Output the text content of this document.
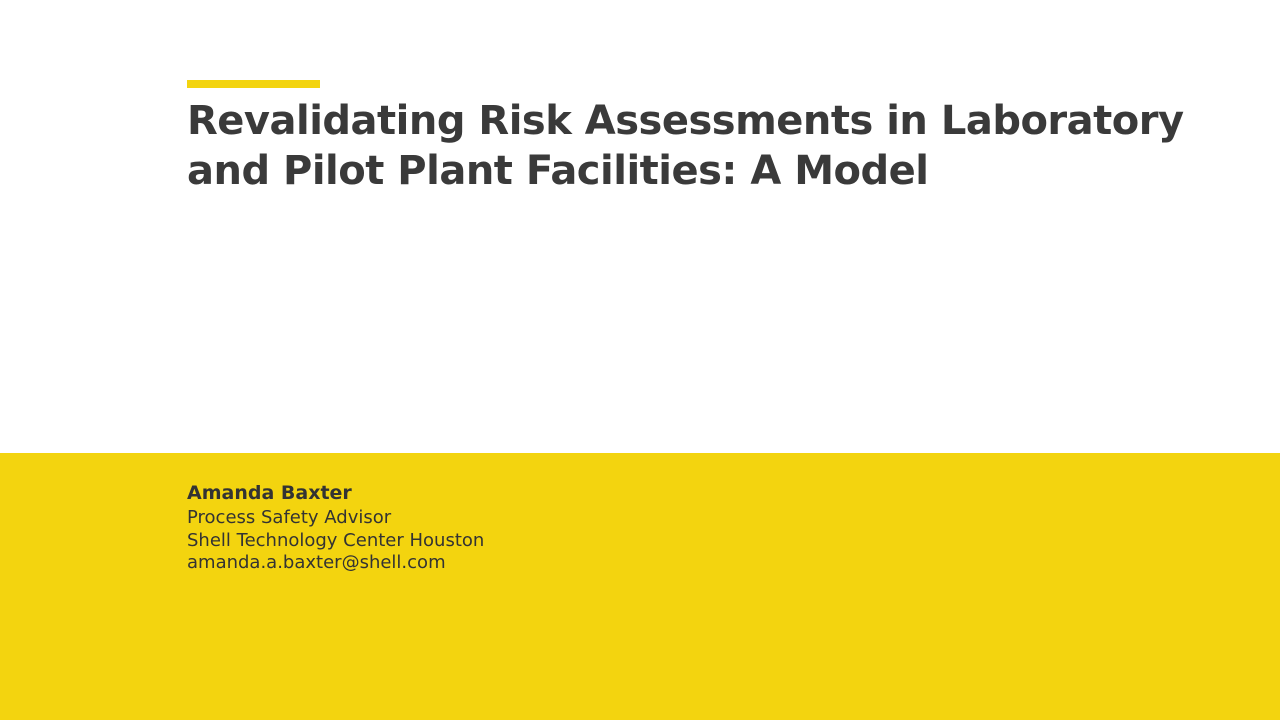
Revalidating Risk Assessments in Laboratory and Pilot Plant Facilities: A Model

Amanda Baxter

Process Safety Advisor

Shell Technology Center Houston

amanda.a.baxter@shell.com
